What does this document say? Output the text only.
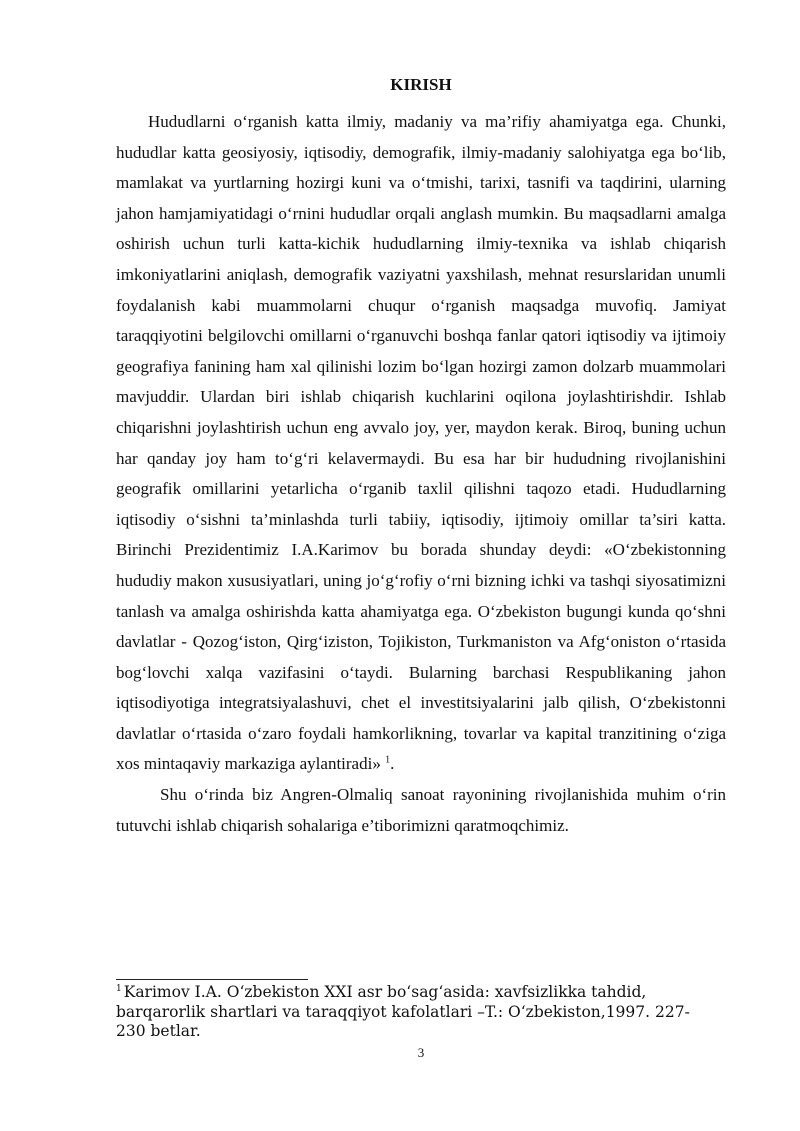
KIRISH

Hududlarni o‘rganish katta ilmiy, madaniy va ma’rifiy ahamiyatga ega. Chunki, hududlar katta geosiyosiy, iqtisodiy, demografik, ilmiy-madaniy salohiyatga ega bo‘lib, mamlakat va yurtlarning hozirgi kuni va o‘tmishi, tarixi, tasnifi va taqdirini, ularning jahon hamjamiyatidagi o‘rnini hududlar orqali anglash mumkin. Bu maqsadlarni amalga oshirish uchun turli katta-kichik hududlarning ilmiy-texnika va ishlab chiqarish imkoniyatlarini aniqlash, demografik vaziyatni yaxshilash, mehnat resurslaridan unumli foydalanish kabi muammolarni chuqur o‘rganish maqsadga muvofiq. Jamiyat taraqqiyotini belgilovchi omillarni o‘rganuvchi boshqa fanlar qatori iqtisodiy va ijtimoiy geografiya fanining ham xal qilinishi lozim bo‘lgan hozirgi zamon dolzarb muammolari mavjuddir. Ulardan biri ishlab chiqarish kuchlarini oqilona joylashtirishdir. Ishlab chiqarishni joylashtirish uchun eng avvalo joy, yer, maydon kerak. Biroq, buning uchun har qanday joy ham to‘g‘ri kelavermaydi. Bu esa har bir hududning rivojlanishini geografik omillarini yetarlicha o‘rganib taxlil qilishni taqozo etadi. Hududlarning iqtisodiy o‘sishni ta’minlashda turli tabiiy, iqtisodiy, ijtimoiy omillar ta’siri katta. Birinchi Prezidentimiz I.A.Karimov bu borada shunday deydi: «O‘zbekistonning hududiy makon xususiyatlari, uning jo‘g‘rofiy o‘rni bizning ichki va tashqi siyosatimizni tanlash va amalga oshirishda katta ahamiyatga ega. O‘zbekiston bugungi kunda qo‘shni davlatlar - Qozog‘iston, Qirg‘iziston, Tojikiston, Turkmaniston va Afg‘oniston o‘rtasida bog‘lovchi xalqa vazifasini o‘taydi. Bularning barchasi Respublikaning jahon iqtisodiyotiga integratsiyalashuvi, chet el investitsiyalarini jalb qilish, O‘zbekistonni davlatlar o‘rtasida o‘zaro foydali hamkorlikning, tovarlar va kapital tranzitining o‘ziga xos mintaqaviy markaziga aylantiradi» $^1$.

Shu o‘rinda biz Angren-Olmaliq sanoat rayonining rivojlanishida muhim o‘rin tutuvchi ishlab chiqarish sohalariga e’tiborimizni qaratmoqchimiz.

$^1$ Karimov I.A. O‘zbekiston XXI asr bo‘sag‘asida: xavfsizlikka tahdid, barqarorlik shartlari va taraqqiyot kafolatlari –T.: O‘zbekiston,1997. 227-230 betlar.

3
